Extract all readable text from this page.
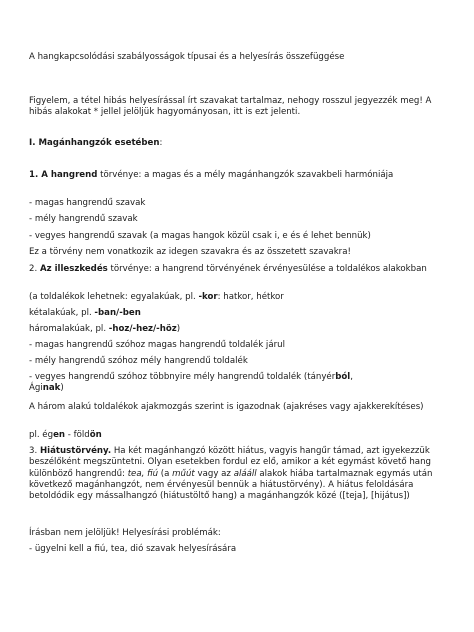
A hangkapcsolódási szabályosságok típusai és a helyesírás összefüggése

Figyelem, a tétel hibás helyesírással írt szavakat tartalmaz, nehogy rosszul jegyezzék meg! A hibás alakokat * jellel jelöljük hagyományosan, itt is ezt jelenti.

I. Magánhangzók esetében:

1. A hangrend törvénye: a magas és a mély magánhangzók szavakbeli harmóniája

- magas hangrendű szavak

- mély hangrendű szavak

- vegyes hangrendű szavak (a magas hangok közül csak i, e és é lehet bennük)

Ez a törvény nem vonatkozik az idegen szavakra és az összetett szavakra!

2. Az illeszkedés törvénye: a hangrend törvényének érvényesülése a toldalékos alakokban

(a toldalékok lehetnek: egyalakúak, pl. -kor: hatkor, hétkor

kétalakúak, pl. -ban/-ben

háromalakúak, pl. -hoz/-hez/-höz)

- magas hangrendű szóhoz magas hangrendű toldalék járul

- mély hangrendű szóhoz mély hangrendű toldalék

- vegyes hangrendű szóhoz többnyire mély hangrendű toldalék (tányérból,
Áginak)

A három alakú toldalékok ajakmozgás szerint is igazodnak (ajakréses vagy ajakkerekítéses)

pl. égen - földön

3. Hiátustörvény. Ha két magánhangzó között hiátus, vagyis hangűr támad, azt igyekezzük beszélőként megszüntetni. Olyan esetekben fordul ez elő, amikor a két egymást követő hang különböző hangrendű: tea, fiú (a műút vagy az alááll alakok hiába tartalmaznak egymás után következő magánhangzót, nem érvényesül bennük a hiátustörvény). A hiátus feloldására betoldódik egy mássalhangzó (hiátustöltő hang) a magánhangzók közé ([teja], [hijátus])

Írásban nem jelöljük! Helyesírási problémák:

- ügyelni kell a fiú, tea, dió szavak helyesírására
